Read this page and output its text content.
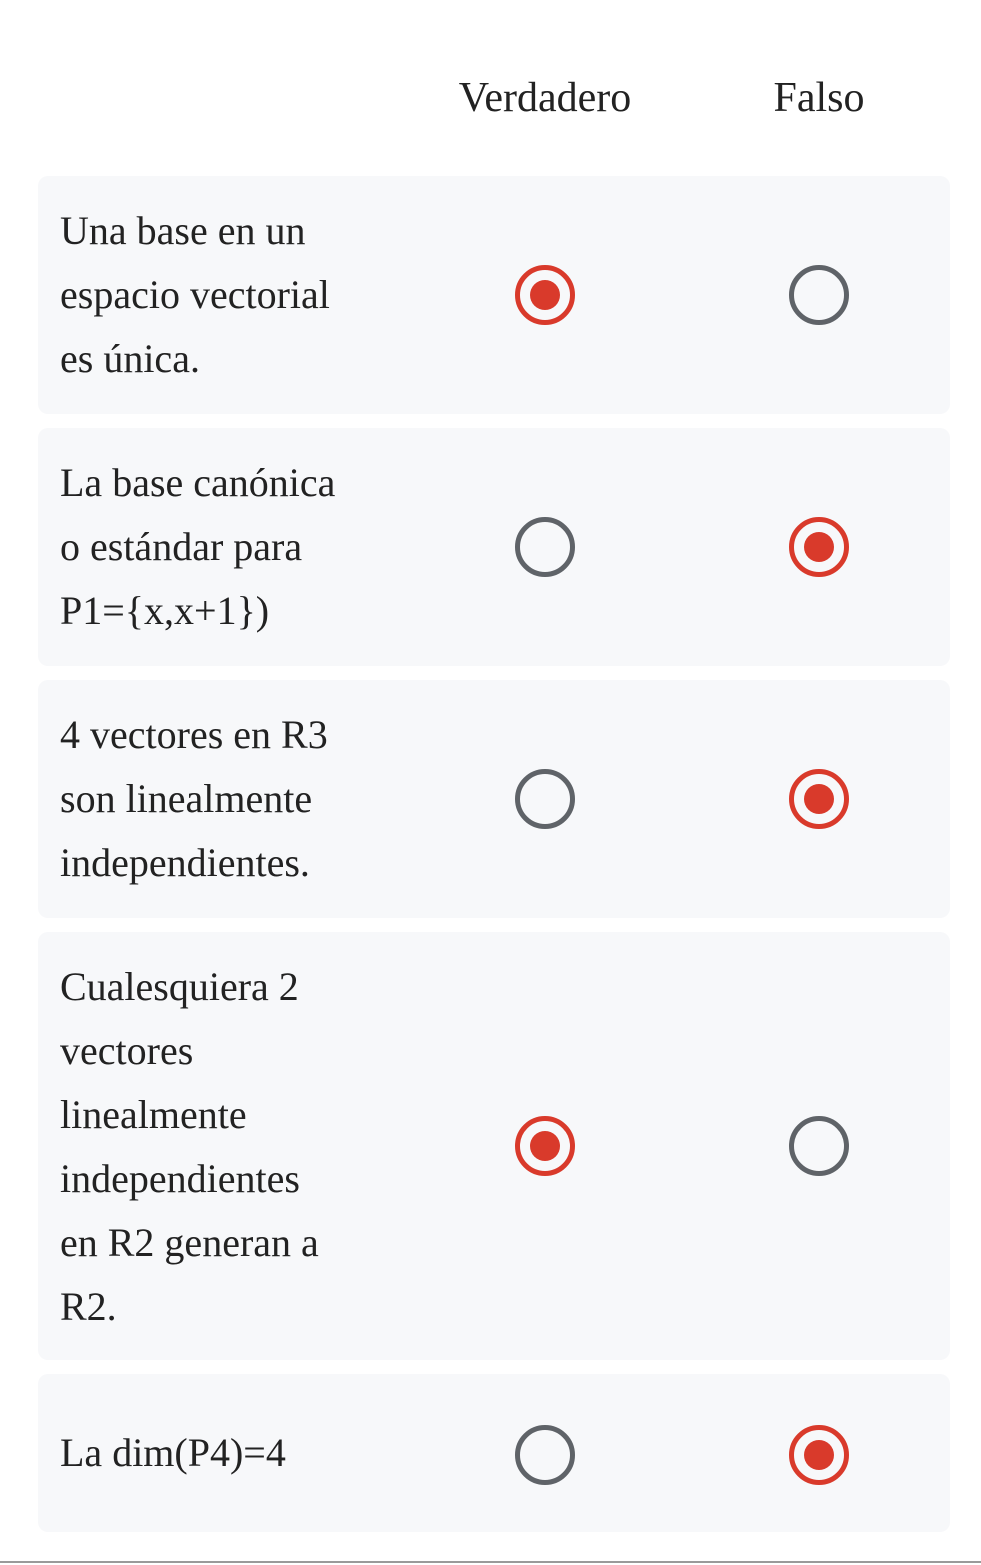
Verdadero	Falso
Una base en un
espacio vectorial
es única.
La base canónica
o estándar para
P1={x,x+1})
4 vectores en R3
son linealmente
independientes.
Cualesquiera 2
vectores
linealmente
independientes
en R2 generan a
R2.
La dim(P4)=4
